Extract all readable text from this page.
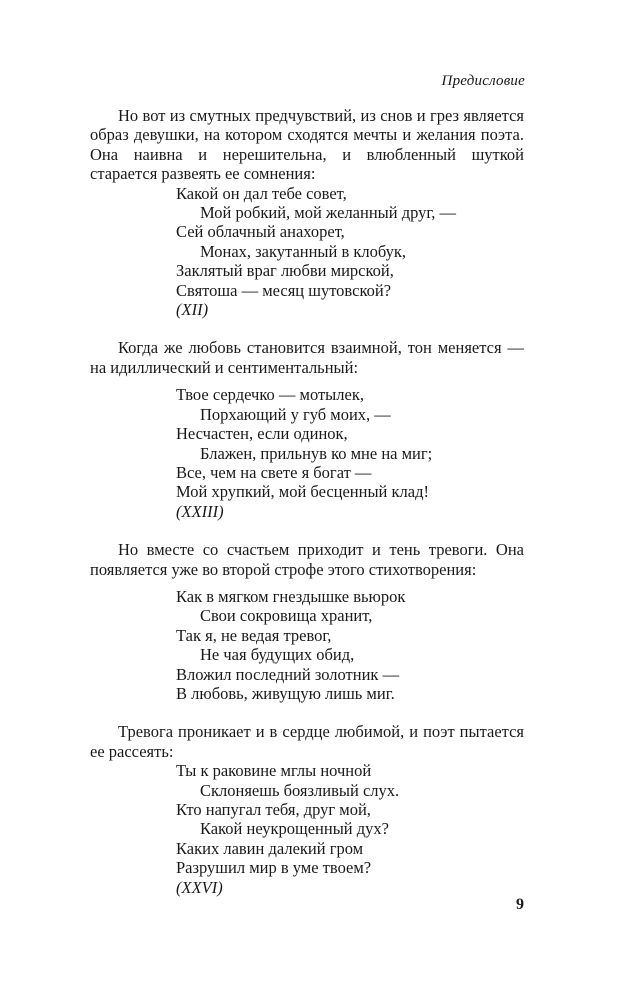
Предисловие

Но вот из смутных предчувствий, из снов и грез является образ девушки, на котором сходятся мечты и желания поэта. Она наивна и нерешительна, и влюбленный шуткой старается развеять ее сомнения:

Какой он дал тебе совет,
Мой робкий, мой желанный друг, —
Сей облачный анахорет,
Монах, закутанный в клобук,
Заклятый враг любви мирской,
Святоша — месяц шутовской?
(XII)

Когда же любовь становится взаимной, тон меняется — на идиллический и сентиментальный:

Твое сердечко — мотылек,
Порхающий у губ моих, —
Несчастен, если одинок,
Блажен, прильнув ко мне на миг;
Все, чем на свете я богат —
Мой хрупкий, мой бесценный клад!
(XXIII)

Но вместе со счастьем приходит и тень тревоги. Она появляется уже во второй строфе этого стихотворения:

Как в мягком гнездышке вьюрок
Свои сокровища хранит,
Так я, не ведая тревог,
Не чая будущих обид,
Вложил последний золотник —
В любовь, живущую лишь миг.

Тревога проникает и в сердце любимой, и поэт пытается ее рассеять:

Ты к раковине мглы ночной
Склоняешь боязливый слух.
Кто напугал тебя, друг мой,
Какой неукрощенный дух?
Каких лавин далекий гром
Разрушил мир в уме твоем?
(XXVI)
9
